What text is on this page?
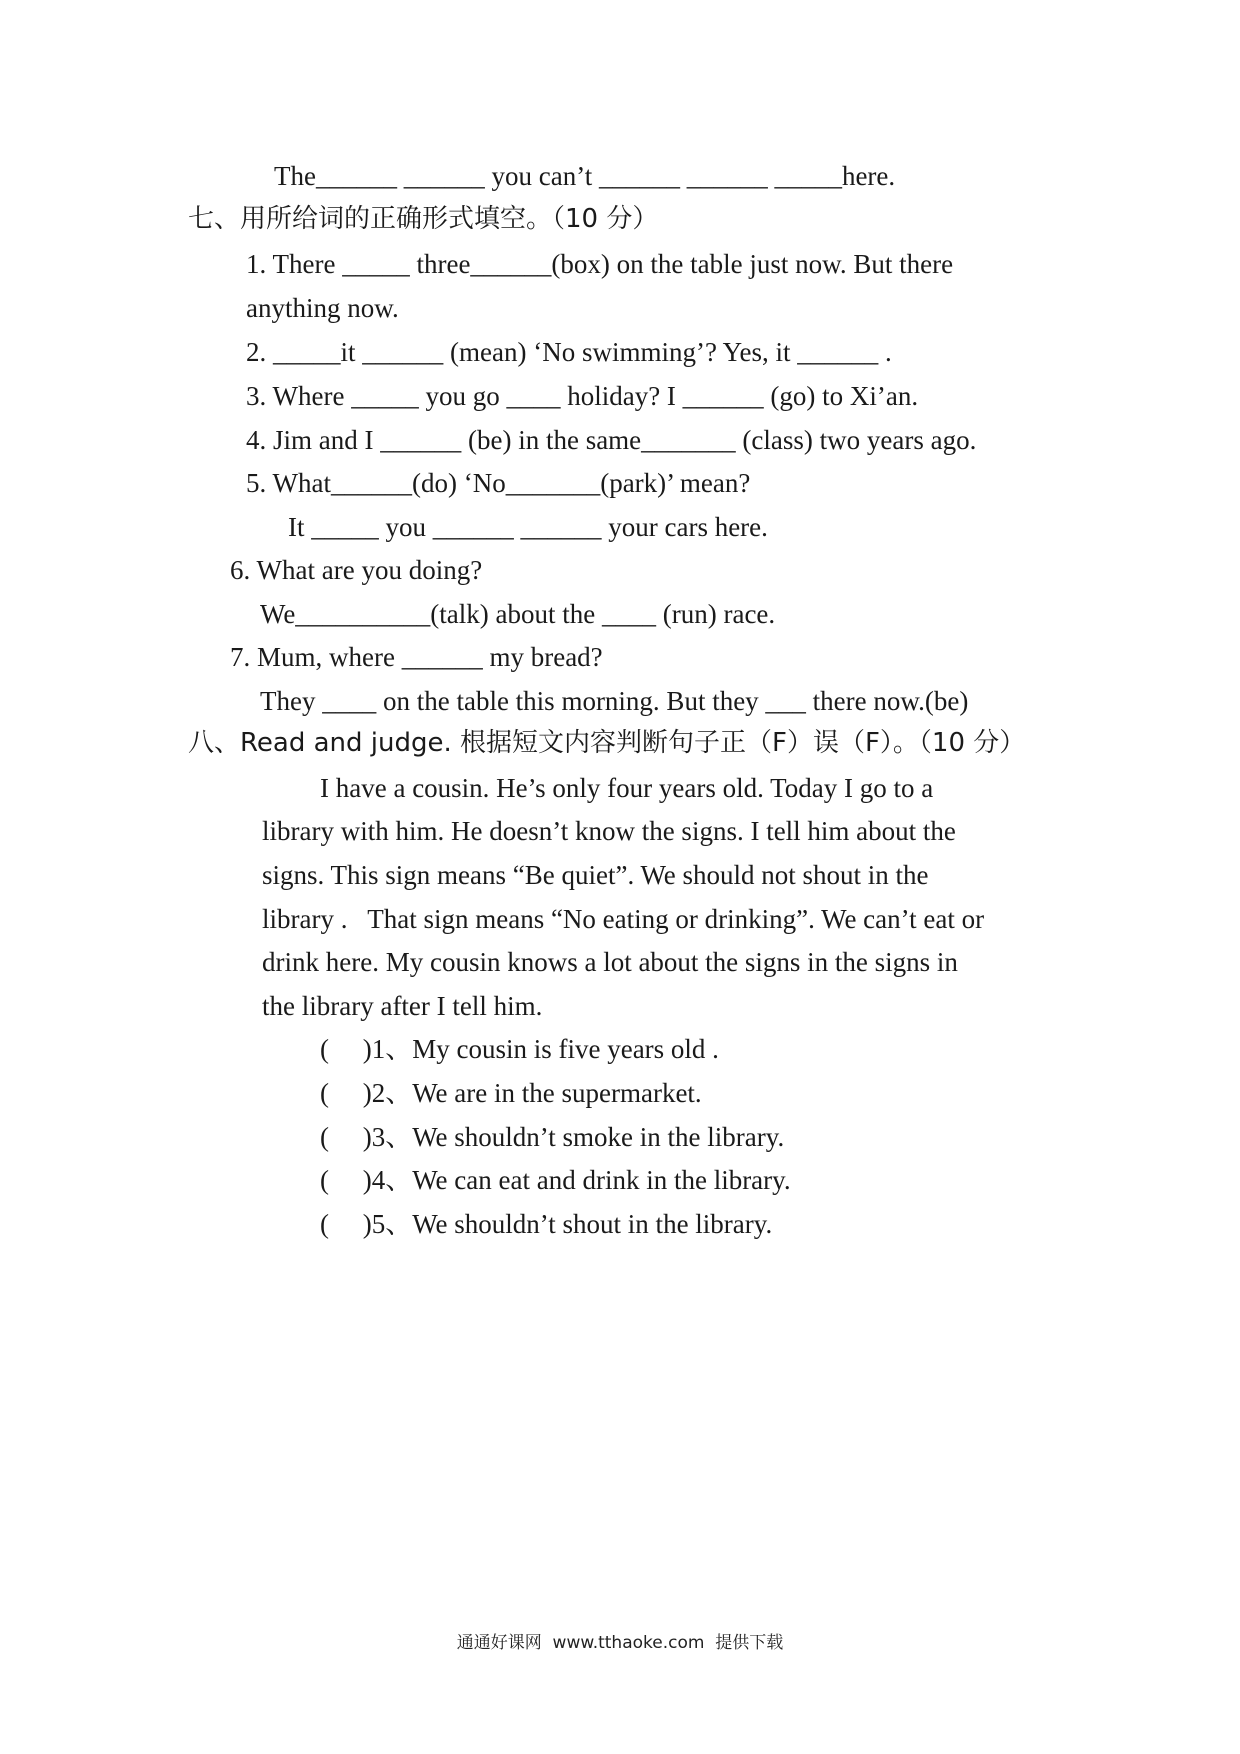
The______ ______ you can’t ______ ______ _____here.
七、用所给词的正确形式填空。（10 分）
1. There _____ three______(box) on the table just now. But there
anything now.
2. _____it ______ (mean) ‘No swimming’? Yes, it ______ .
3. Where _____ you go ____ holiday? I ______ (go) to Xi’an.
4. Jim and I ______ (be) in the same_______ (class) two years ago.
5. What______(do) ‘No_______(park)’ mean?
It _____ you ______ ______ your cars here.
6. What are you doing?
We__________(talk) about the ____ (run) race.
7. Mum, where ______ my bread?
They ____ on the table this morning. But they ___ there now.(be)
八、Read and judge. 根据短文内容判断句子正（F）误（F）。（10 分）
I have a cousin. He’s only four years old. Today I go to a
library with him. He doesn’t know the signs. I tell him about the
signs. This sign means “Be quiet”. We should not shout in the
library .   That sign means “No eating or drinking”. We can’t eat or
drink here. My cousin knows a lot about the signs in the signs in
the library after I tell him.
(     )1、My cousin is five years old .
(     )2、We are in the supermarket.
(     )3、We shouldn’t smoke in the library.
(     )4、We can eat and drink in the library.
(     )5、We shouldn’t shout in the library.
通通好课网  www.tthaoke.com  提供下载
